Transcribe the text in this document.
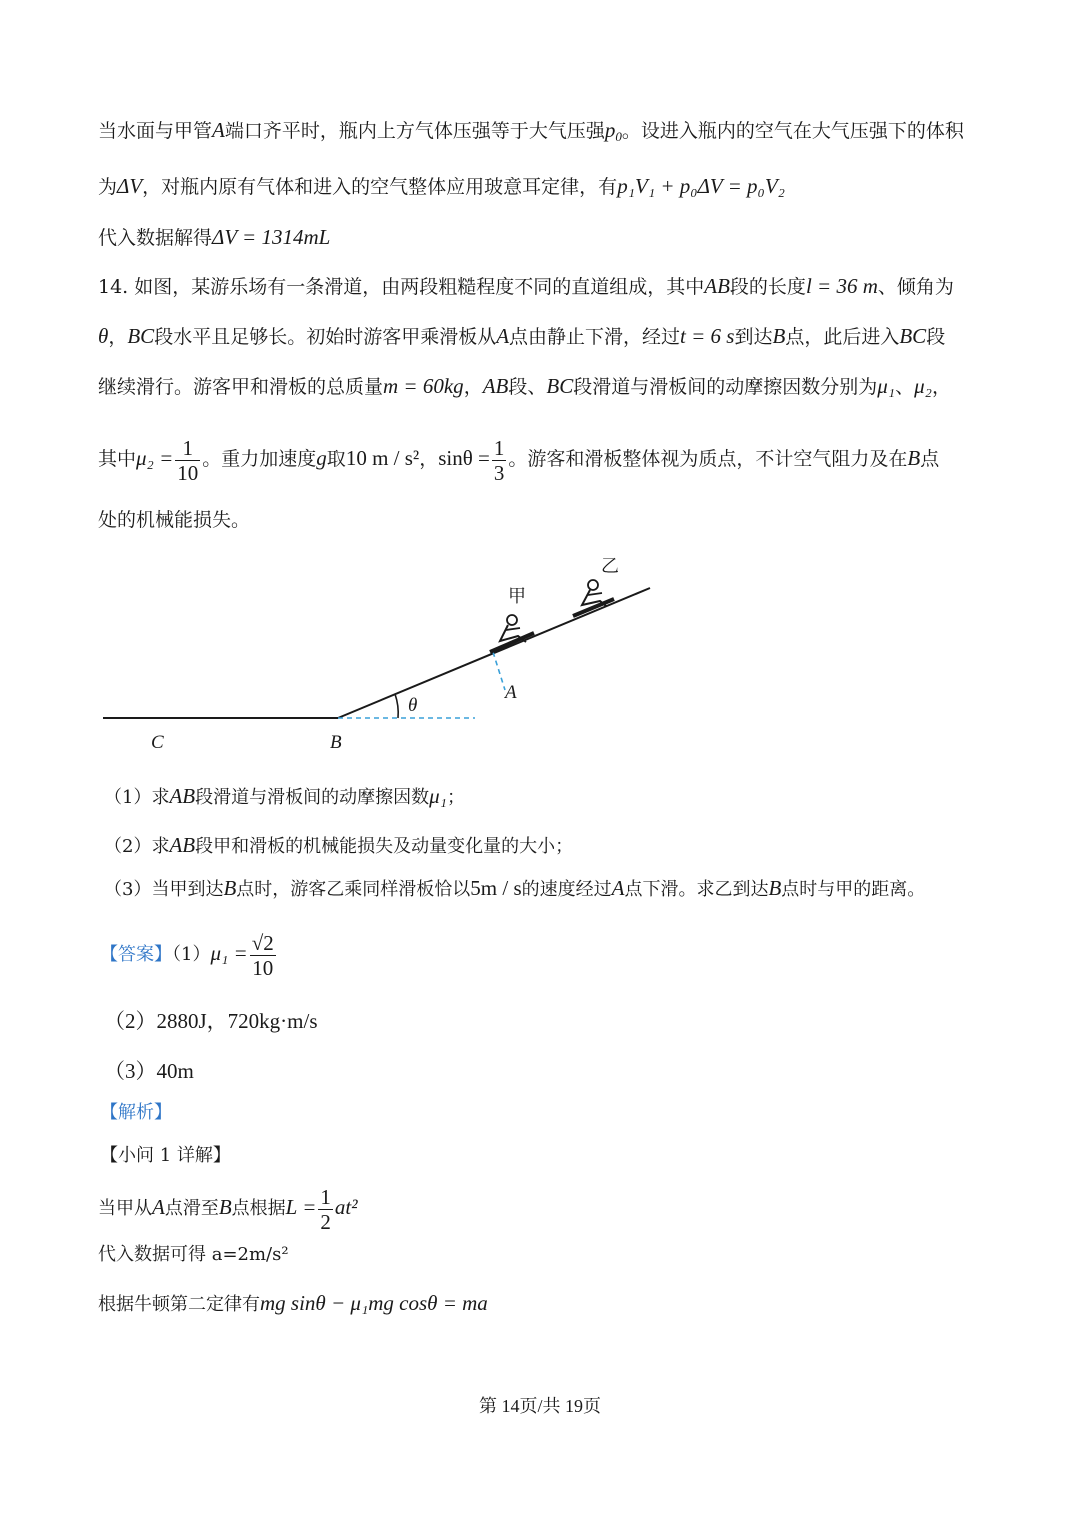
当水面与甲管A端口齐平时，瓶内上方气体压强等于大气压强$p_0$。设进入瓶内的空气在大气压强下的体积
为ΔV，对瓶内原有气体和进入的空气整体应用玻意耳定律，有p₁V₁ + p₀ΔV = p₀V₂
代入数据解得ΔV = 1314mL
14. 如图，某游乐场有一条滑道，由两段粗糙程度不同的直道组成，其中AB段的长度l = 36 m、倾角为
θ，BC段水平且足够长。初始时游客甲乘滑板从A点由静止下滑，经过t = 6 s到达B点，此后进入BC段
继续滑行。游客甲和滑板的总质量m = 60kg，AB段、BC段滑道与滑板间的动摩擦因数分别为μ₁、μ₂，
其中$\mu_2 = \frac{1}{10}$ 。重力加速度g取10 m / s²，$\sin\theta = \frac{1}{3}$ 。游客和滑板整体视为质点，不计空气阻力及在B点
处的机械能损失。
甲
乙
A
B
C
θ
（1）求AB段滑道与滑板间的动摩擦因数μ₁；
（2）求AB段甲和滑板的机械能损失及动量变化量的大小；
（3）当甲到达B点时，游客乙乘同样滑板恰以5m / s的速度经过A点下滑。求乙到达B点时与甲的距离。
【答案】$(1)\mu_1 = \frac{√2}{10}$
（2）2880J，720kg·m/s
（3）40m
【解析】
【小问 1 详解】
当甲从A点滑至B点根据$L = \frac{1}{2} at^2$
代入数据可得 a=2m/s²
根据牛顿第二定律有mg sinθ − μ₁mg cosθ = ma
第 14页/共 19页
